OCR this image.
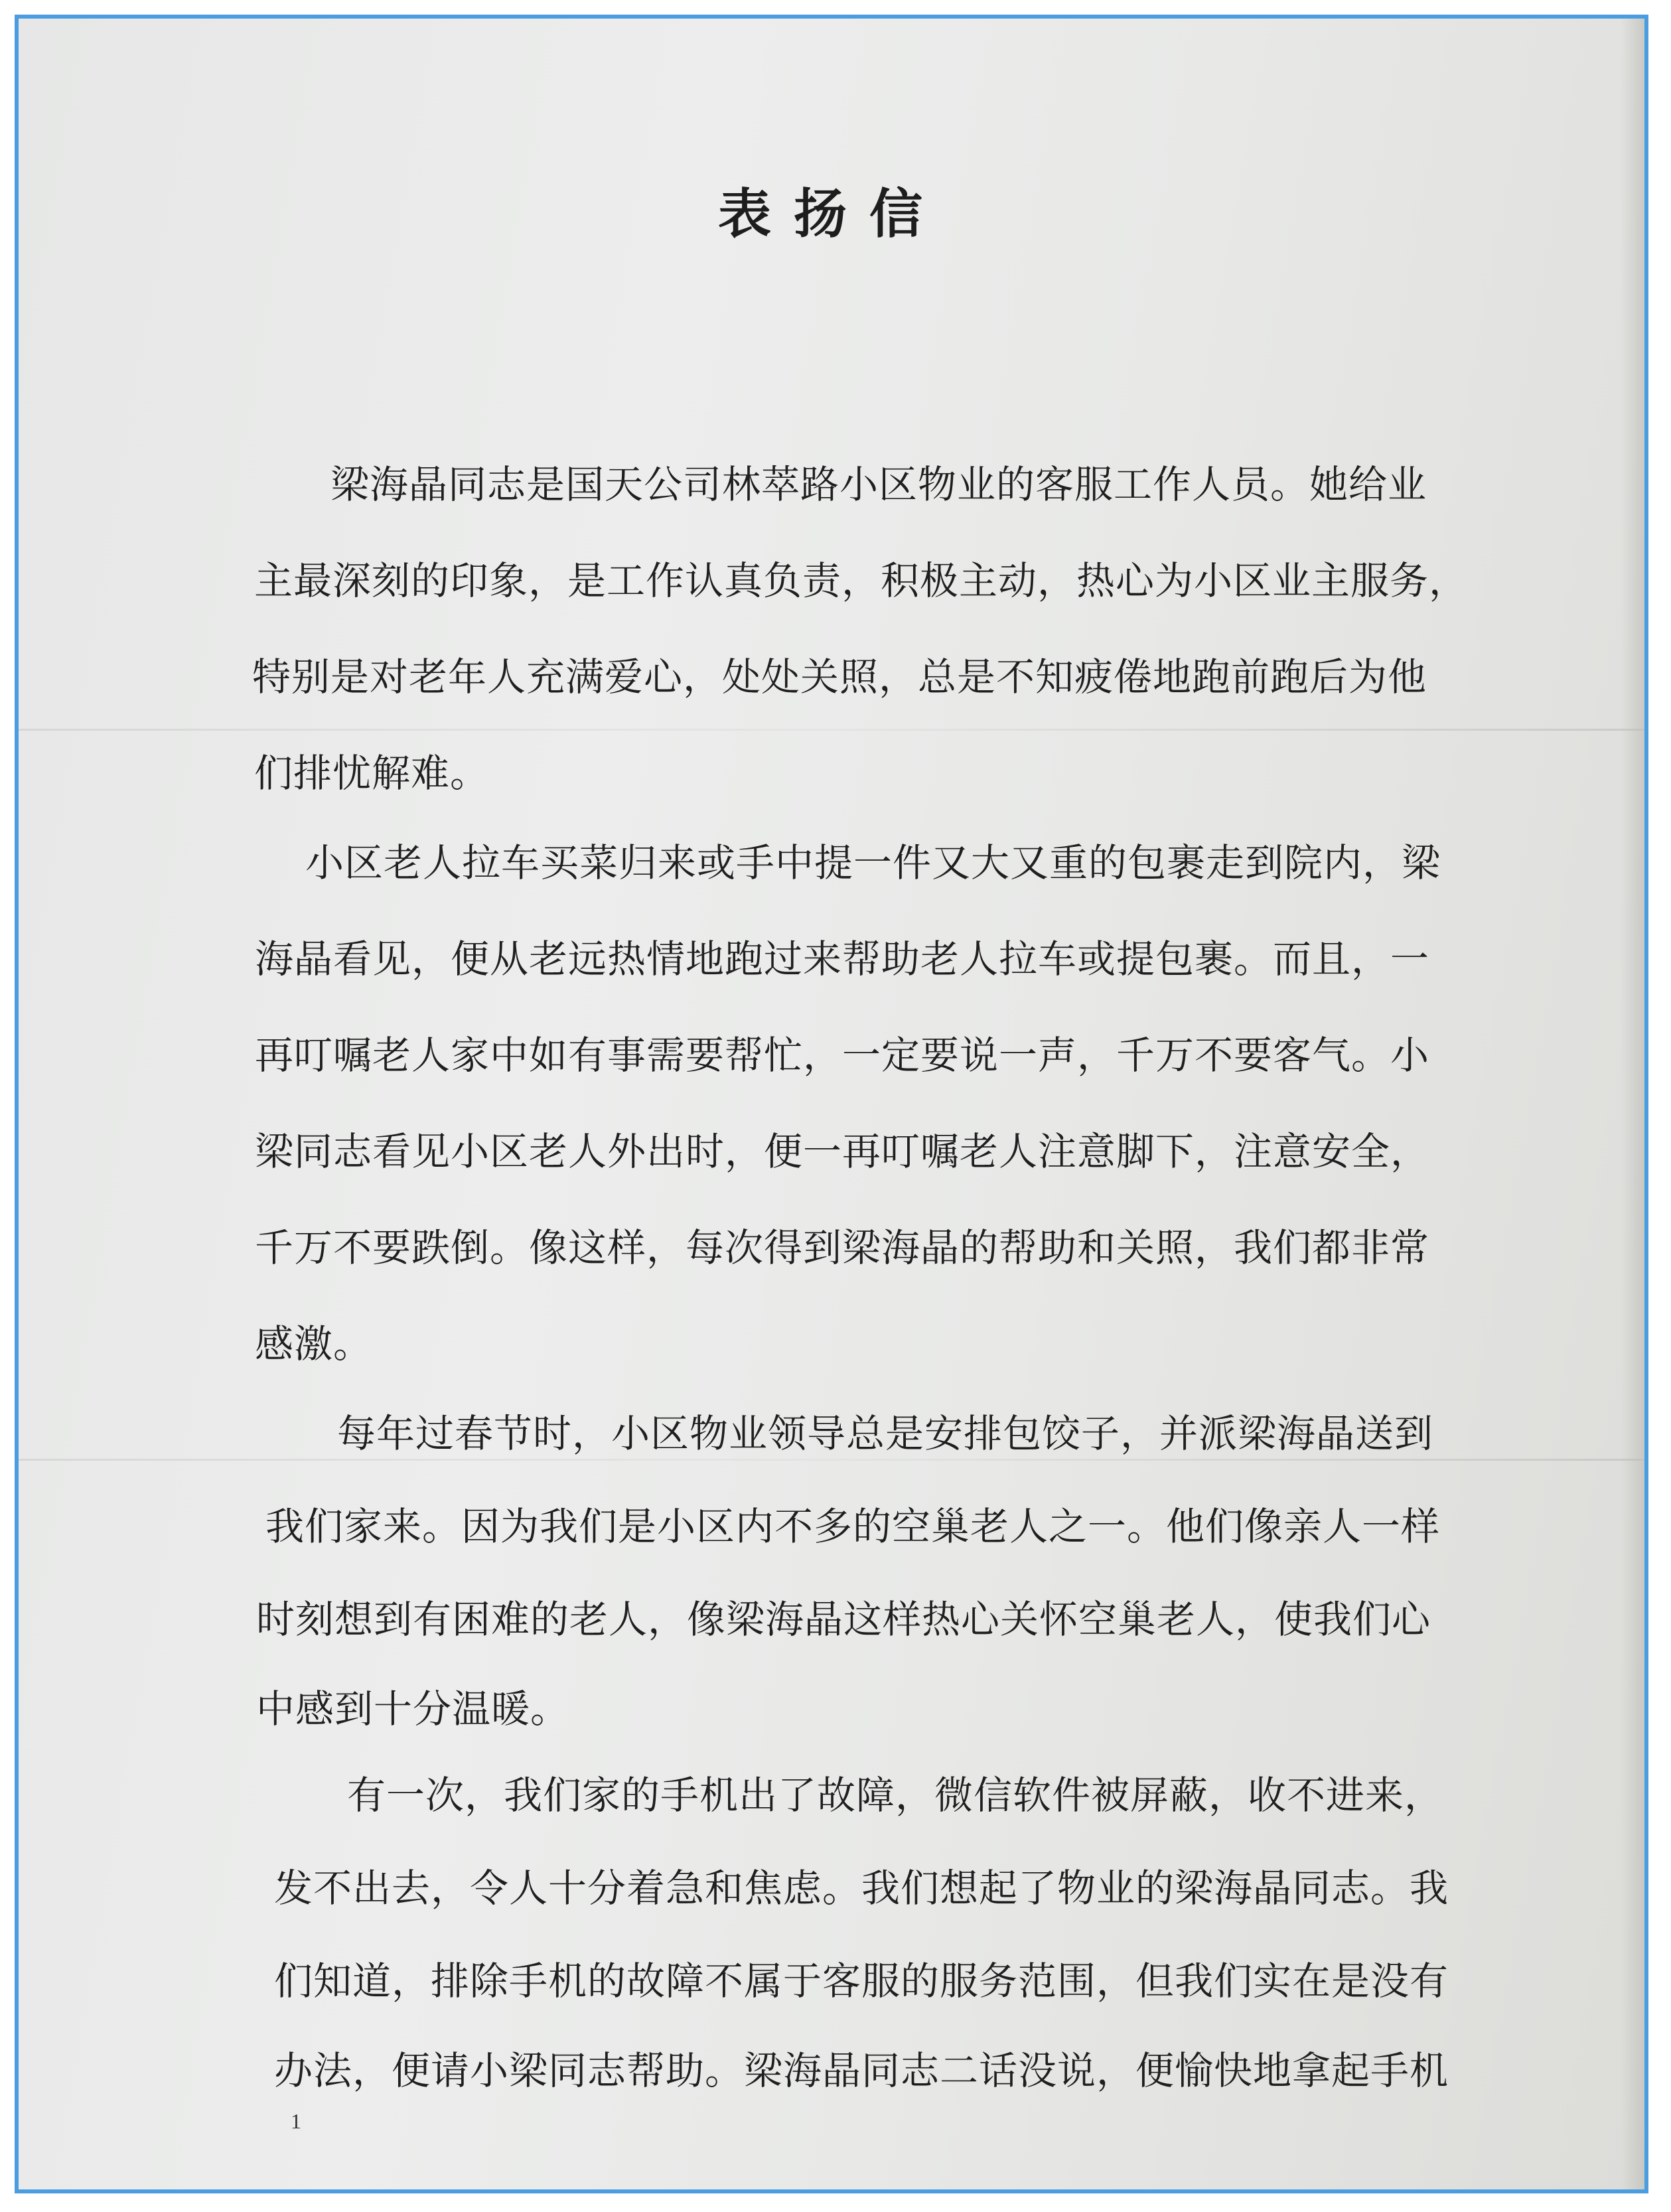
表扬信
梁海晶同志是国天公司林萃路小区物业的客服工作人员。她给业
主最深刻的印象，是工作认真负责，积极主动，热心为小区业主服务，
特别是对老年人充满爱心，处处关照，总是不知疲倦地跑前跑后为他
们排忧解难。
小区老人拉车买菜归来或手中提一件又大又重的包裹走到院内，梁
海晶看见，便从老远热情地跑过来帮助老人拉车或提包裹。而且，一
再叮嘱老人家中如有事需要帮忙，一定要说一声，千万不要客气。小
梁同志看见小区老人外出时，便一再叮嘱老人注意脚下，注意安全，
千万不要跌倒。像这样，每次得到梁海晶的帮助和关照，我们都非常
感激。
每年过春节时，小区物业领导总是安排包饺子，并派梁海晶送到
我们家来。因为我们是小区内不多的空巢老人之一。他们像亲人一样
时刻想到有困难的老人，像梁海晶这样热心关怀空巢老人，使我们心
中感到十分温暖。
有一次，我们家的手机出了故障，微信软件被屏蔽，收不进来，
发不出去，令人十分着急和焦虑。我们想起了物业的梁海晶同志。我
们知道，排除手机的故障不属于客服的服务范围，但我们实在是没有
办法，便请小梁同志帮助。梁海晶同志二话没说，便愉快地拿起手机
1
